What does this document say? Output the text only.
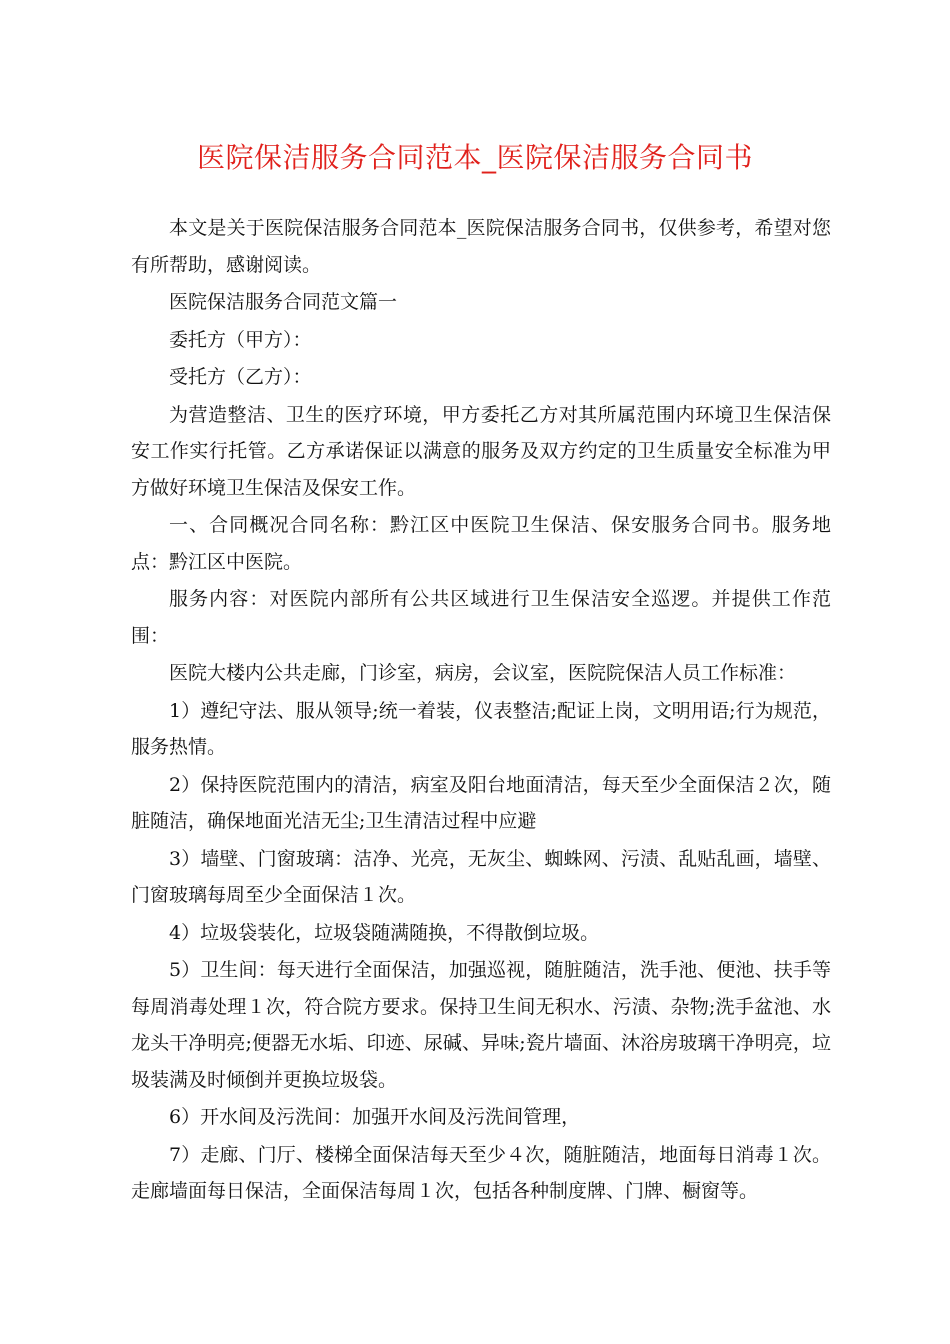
医院保洁服务合同范本_医院保洁服务合同书

本文是关于医院保洁服务合同范本_医院保洁服务合同书，仅供参考，希望对您有所帮助，感谢阅读。

医院保洁服务合同范文篇一

委托方（甲方）：

受托方（乙方）：

为营造整洁、卫生的医疗环境，甲方委托乙方对其所属范围内环境卫生保洁保安工作实行托管。乙方承诺保证以满意的服务及双方约定的卫生质量安全标准为甲方做好环境卫生保洁及保安工作。

一、合同概况合同名称：黔江区中医院卫生保洁、保安服务合同书。服务地点：黔江区中医院。

服务内容：对医院内部所有公共区域进行卫生保洁安全巡逻。并提供工作范围：

医院大楼内公共走廊，门诊室，病房，会议室，医院院保洁人员工作标准：

1）遵纪守法、服从领导;统一着装，仪表整洁;配证上岗，文明用语;行为规范，服务热情。

2）保持医院范围内的清洁，病室及阳台地面清洁，每天至少全面保洁２次，随脏随洁，确保地面光洁无尘;卫生清洁过程中应避

3）墙壁、门窗玻璃：洁净、光亮，无灰尘、蜘蛛网、污渍、乱贴乱画，墙壁、门窗玻璃每周至少全面保洁１次。

4）垃圾袋装化，垃圾袋随满随换，不得散倒垃圾。

5）卫生间：每天进行全面保洁，加强巡视，随脏随洁，洗手池、便池、扶手等每周消毒处理１次，符合院方要求。保持卫生间无积水、污渍、杂物;洗手盆池、水龙头干净明亮;便器无水垢、印迹、尿碱、异味;瓷片墙面、沐浴房玻璃干净明亮，垃圾装满及时倾倒并更换垃圾袋。

6）开水间及污洗间：加强开水间及污洗间管理，

7）走廊、门厅、楼梯全面保洁每天至少４次，随脏随洁，地面每日消毒１次。走廊墙面每日保洁，全面保洁每周１次，包括各种制度牌、门牌、橱窗等。
